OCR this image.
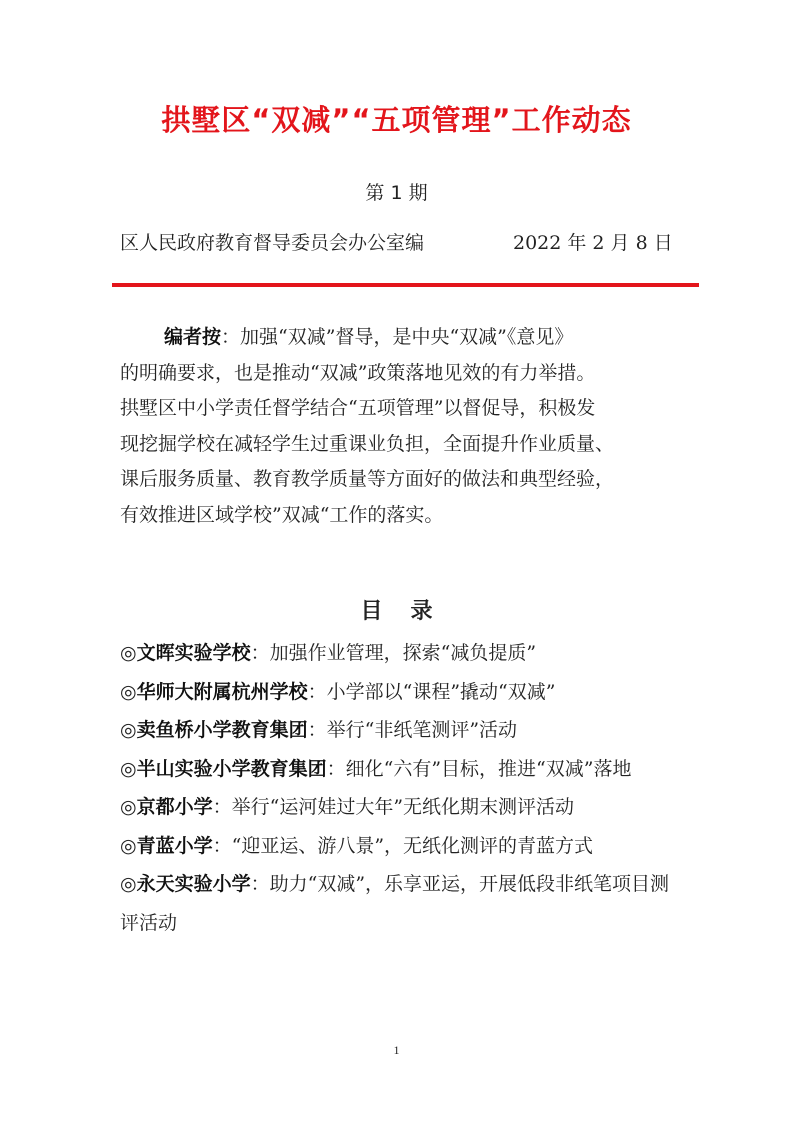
拱墅区“双减”“五项管理”工作动态
第 1 期
区人民政府教育督导委员会办公室编	2022 年 2 月 8 日

编者按：加强“双减”督导，是中央“双减”《意见》

的明确要求，也是推动“双减”政策落地见效的有力举措。

拱墅区中小学责任督学结合“五项管理”以督促导，积极发

现挖掘学校在减轻学生过重课业负担，全面提升作业质量、

课后服务质量、教育教学质量等方面好的做法和典型经验，

有效推进区域学校”双减“工作的落实。

目录
◎文晖实验学校：加强作业管理，探索“减负提质”
◎华师大附属杭州学校：小学部以“课程”撬动“双减”
◎卖鱼桥小学教育集团：举行“非纸笔测评”活动
◎半山实验小学教育集团：细化“六有”目标，推进“双减”落地
◎京都小学：举行“运河娃过大年”无纸化期末测评活动
◎青蓝小学：“迎亚运、游八景”，无纸化测评的青蓝方式
◎永天实验小学：助力“双减”，乐享亚运，开展低段非纸笔项目测评活动
1
